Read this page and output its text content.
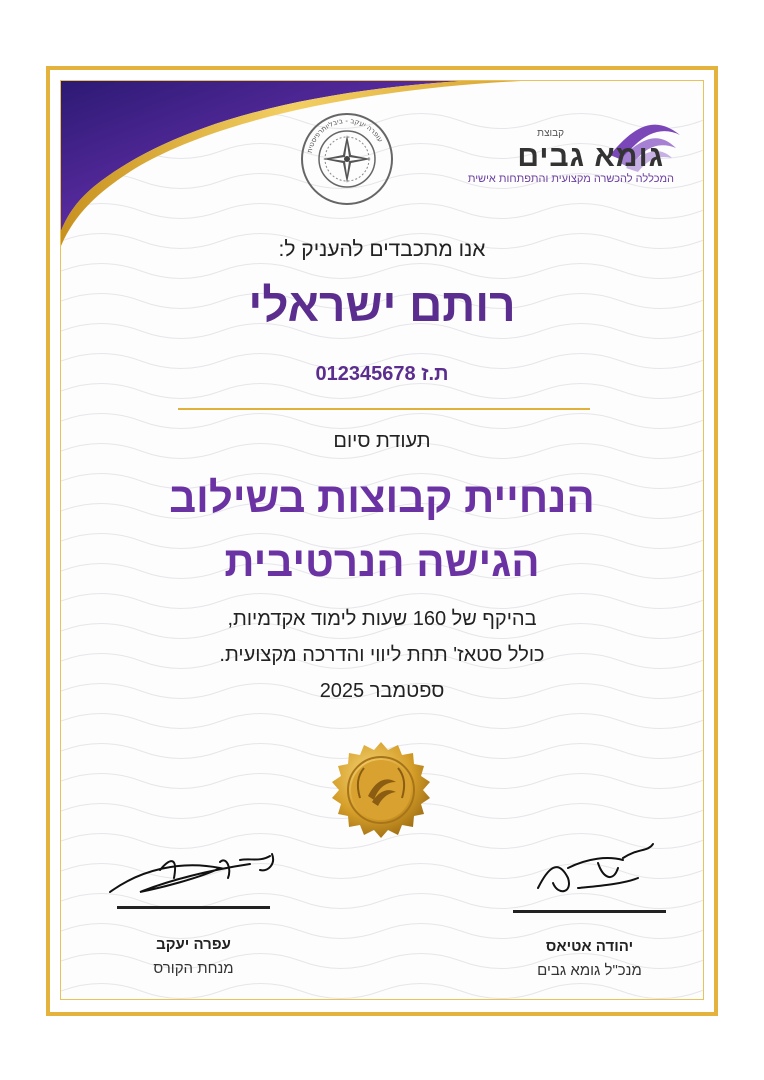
קבוצת
גומא גבים
המכללה להכשרה מקצועית והתפתחות אישית
עופרה יעקב - ביבליותרפיסטית
אנו מתכבדים להעניק ל:
רותם ישראלי
ת.ז 012345678
תעודת סיום
הנחיית קבוצות בשילוב
הגישה הנרטיבית
בהיקף של 160 שעות לימוד אקדמיות,
כולל סטאז' תחת ליווי והדרכה מקצועית.
ספטמבר 2025
עפרה יעקב
מנחת הקורס
יהודה אטיאס
מנכ"ל גומא גבים
